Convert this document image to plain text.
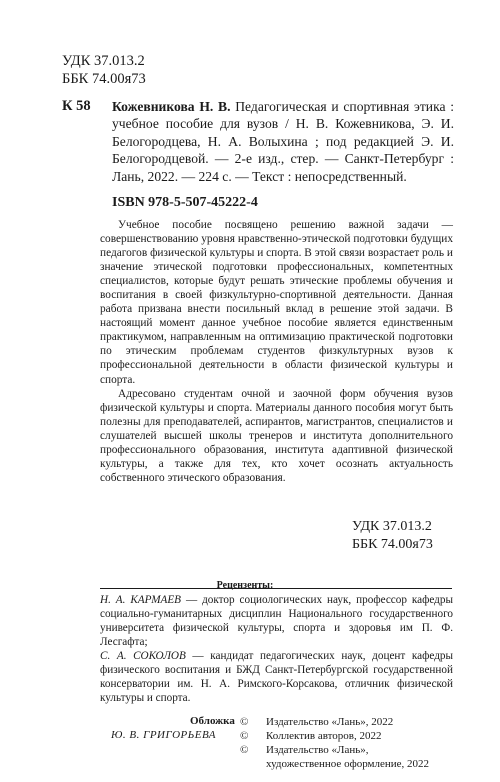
УДК 37.013.2
ББК 74.00я73
К 58 Кожевникова Н. В. Педагогическая и спортивная этика : учебное пособие для вузов / Н. В. Кожевникова, Э. И. Белогородцева, Н. А. Волыхина ; под редакцией Э. И. Белогородцевой. — 2-е изд., стер. — Санкт-Петербург : Лань, 2022. — 224 с. — Текст : непосредственный.
ISBN 978-5-507-45222-4

Учебное пособие посвящено решению важной задачи — совершенствованию уровня нравственно-этической подготовки будущих педагогов физической культуры и спорта. В этой связи возрастает роль и значение этической подготовки профессиональных, компетентных специалистов, которые будут решать этические проблемы обучения и воспитания в своей физкультурно-спортивной деятельности. Данная работа призвана внести посильный вклад в решение этой задачи. В настоящий момент данное учебное пособие является единственным практикумом, направленным на оптимизацию практической подготовки по этическим проблемам студентов физкультурных вузов к профессиональной деятельности в области физической культуры и спорта.

Адресовано студентам очной и заочной форм обучения вузов физической культуры и спорта. Материалы данного пособия могут быть полезны для преподавателей, аспирантов, магистрантов, специалистов и слушателей высшей школы тренеров и института дополнительного профессионального образования, института адаптивной физической культуры, а также для тех, кто хочет осознать актуальность собственного этического образования.

УДК 37.013.2
ББК 74.00я73
Рецензенты:

Н. А. КАРМАЕВ — доктор социологических наук, профессор кафедры социально-гуманитарных дисциплин Национального государственного университета физической культуры, спорта и здоровья им П. Ф. Лесгафта;

С. А. СОКОЛОВ — кандидат педагогических наук, доцент кафедры физического воспитания и БЖД Санкт-Петербургской государственной консерватории им. Н. А. Римского-Корсакова, отличник физической культуры и спорта.

Обложка
Ю. В. ГРИГОРЬЕВА
©	Издательство «Лань», 2022
©	Коллектив авторов, 2022
©	Издательство «Лань»,
художественное оформление, 2022
